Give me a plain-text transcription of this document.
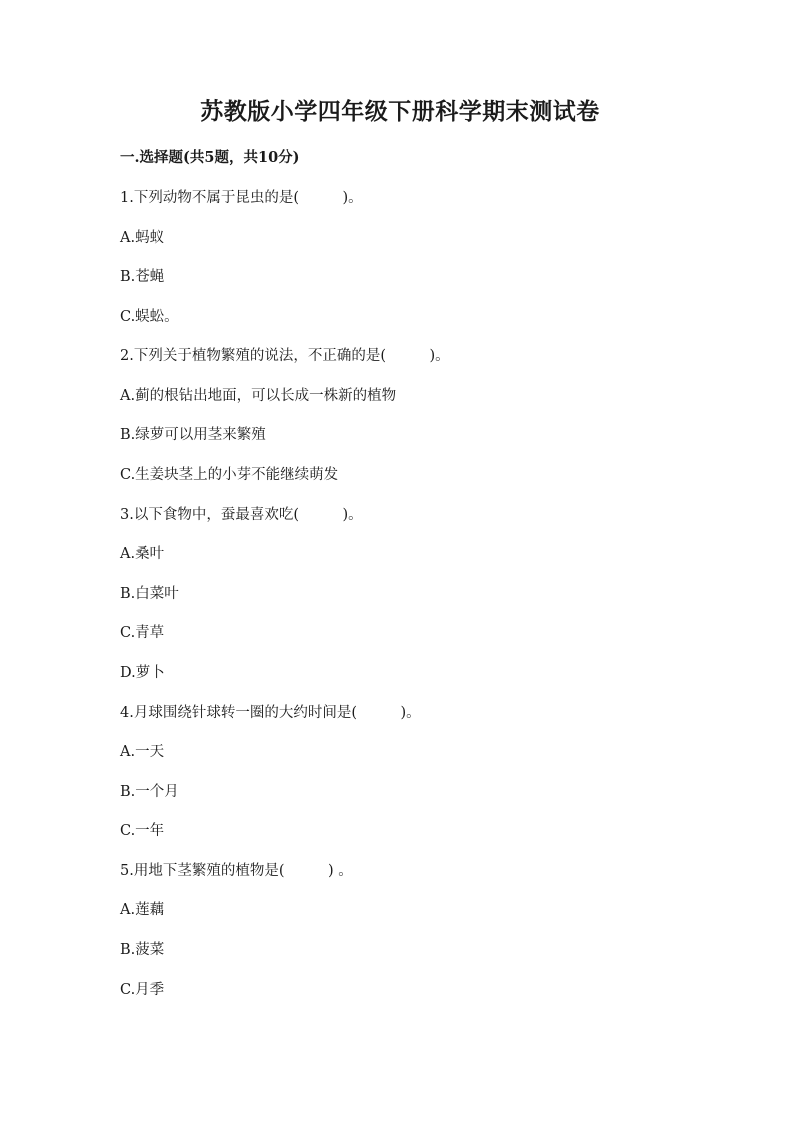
苏教版小学四年级下册科学期末测试卷
一.选择题(共5题，共10分)
1.下列动物不属于昆虫的是(　　　)。
A.蚂蚁
B.苍蝇
C.蜈蚣。
2.下列关于植物繁殖的说法，不正确的是(　　　)。
A.蓟的根钻出地面，可以长成一株新的植物
B.绿萝可以用茎来繁殖
C.生姜块茎上的小芽不能继续萌发
3.以下食物中，蚕最喜欢吃(　　　)。
A.桑叶
B.白菜叶
C.青草
D.萝卜
4.月球围绕针球转一圈的大约时间是(　　　)。
A.一天
B.一个月
C.一年
5.用地下茎繁殖的植物是(　　　) 。
A.莲藕
B.菠菜
C.月季
